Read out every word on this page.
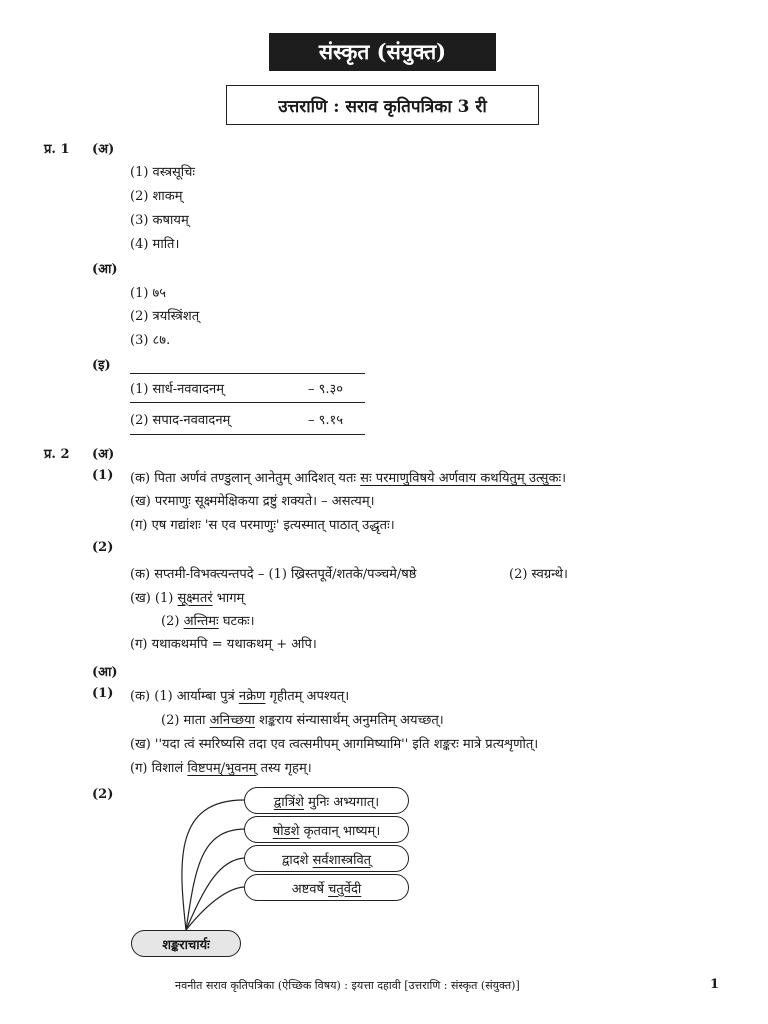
संस्कृत (संयुक्त)
उत्तराणि : सराव कृतिपत्रिका 3 री
प्र. 1 (अ)
(1) वस्त्रसूचिः
(2) शाकम्
(3) कषायम्
(4) माति।
(आ)
(1) ७५
(2) त्रयस्त्रिंशत्
(3) ८७.
(इ)
(1) सार्ध-नववादनम्	– ९.३०
(2) सपाद-नववादनम्	– ९.१५
प्र. 2 (अ)
(1) (क) पिता अर्णवं तण्डुलान् आनेतुम् आदिशत् यतः सः परमाणुविषये अर्णवाय कथयितुम् उत्सुकः।
(ख) परमाणुः सूक्ष्ममेक्षिकया द्रष्टुं शक्यते। – असत्यम्।
(ग) एष गद्यांशः 'स एव परमाणुः' इत्यस्मात् पाठात् उद्धृतः।
(2)
(क) सप्तमी-विभक्त्यन्तपदे – (1) ख्रिस्तपूर्वे/शतके/पञ्चमे/षष्ठे	(2) स्वग्रन्थे।
(ख) (1) सूक्ष्मतरं भागम्
(2) अन्तिमः घटकः।
(ग) यथाकथमपि = यथाकथम् + अपि।
(आ)
(1) (क) (1) आर्याम्बा पुत्रं नक्रेण गृहीतम् अपश्यत्।
(2) माता अनिच्छया शङ्कराय संन्यासार्थम् अनुमतिम् अयच्छत्।
(ख) ''यदा त्वं स्मरिष्यसि तदा एव त्वत्समीपम् आगमिष्यामि'' इति शङ्करः मात्रे प्रत्यशृणोत्।
(ग) विशालं विष्टपम्/भुवनम् तस्य गृहम्।
(2)	द्वात्रिंशे
मुनिः अभ्यगात्।
षोडशे
कृतवान् भाष्यम्।
द्वादशे
सर्वशास्त्रवित्
अष्टवर्षे
चतुर्वेदी
शङ्कराचार्यः
नवनीत सराव कृतिपत्रिका (ऐच्छिक विषय) : इयत्ता दहावी [उत्तराणि : संस्कृत (संयुक्त)]	1
